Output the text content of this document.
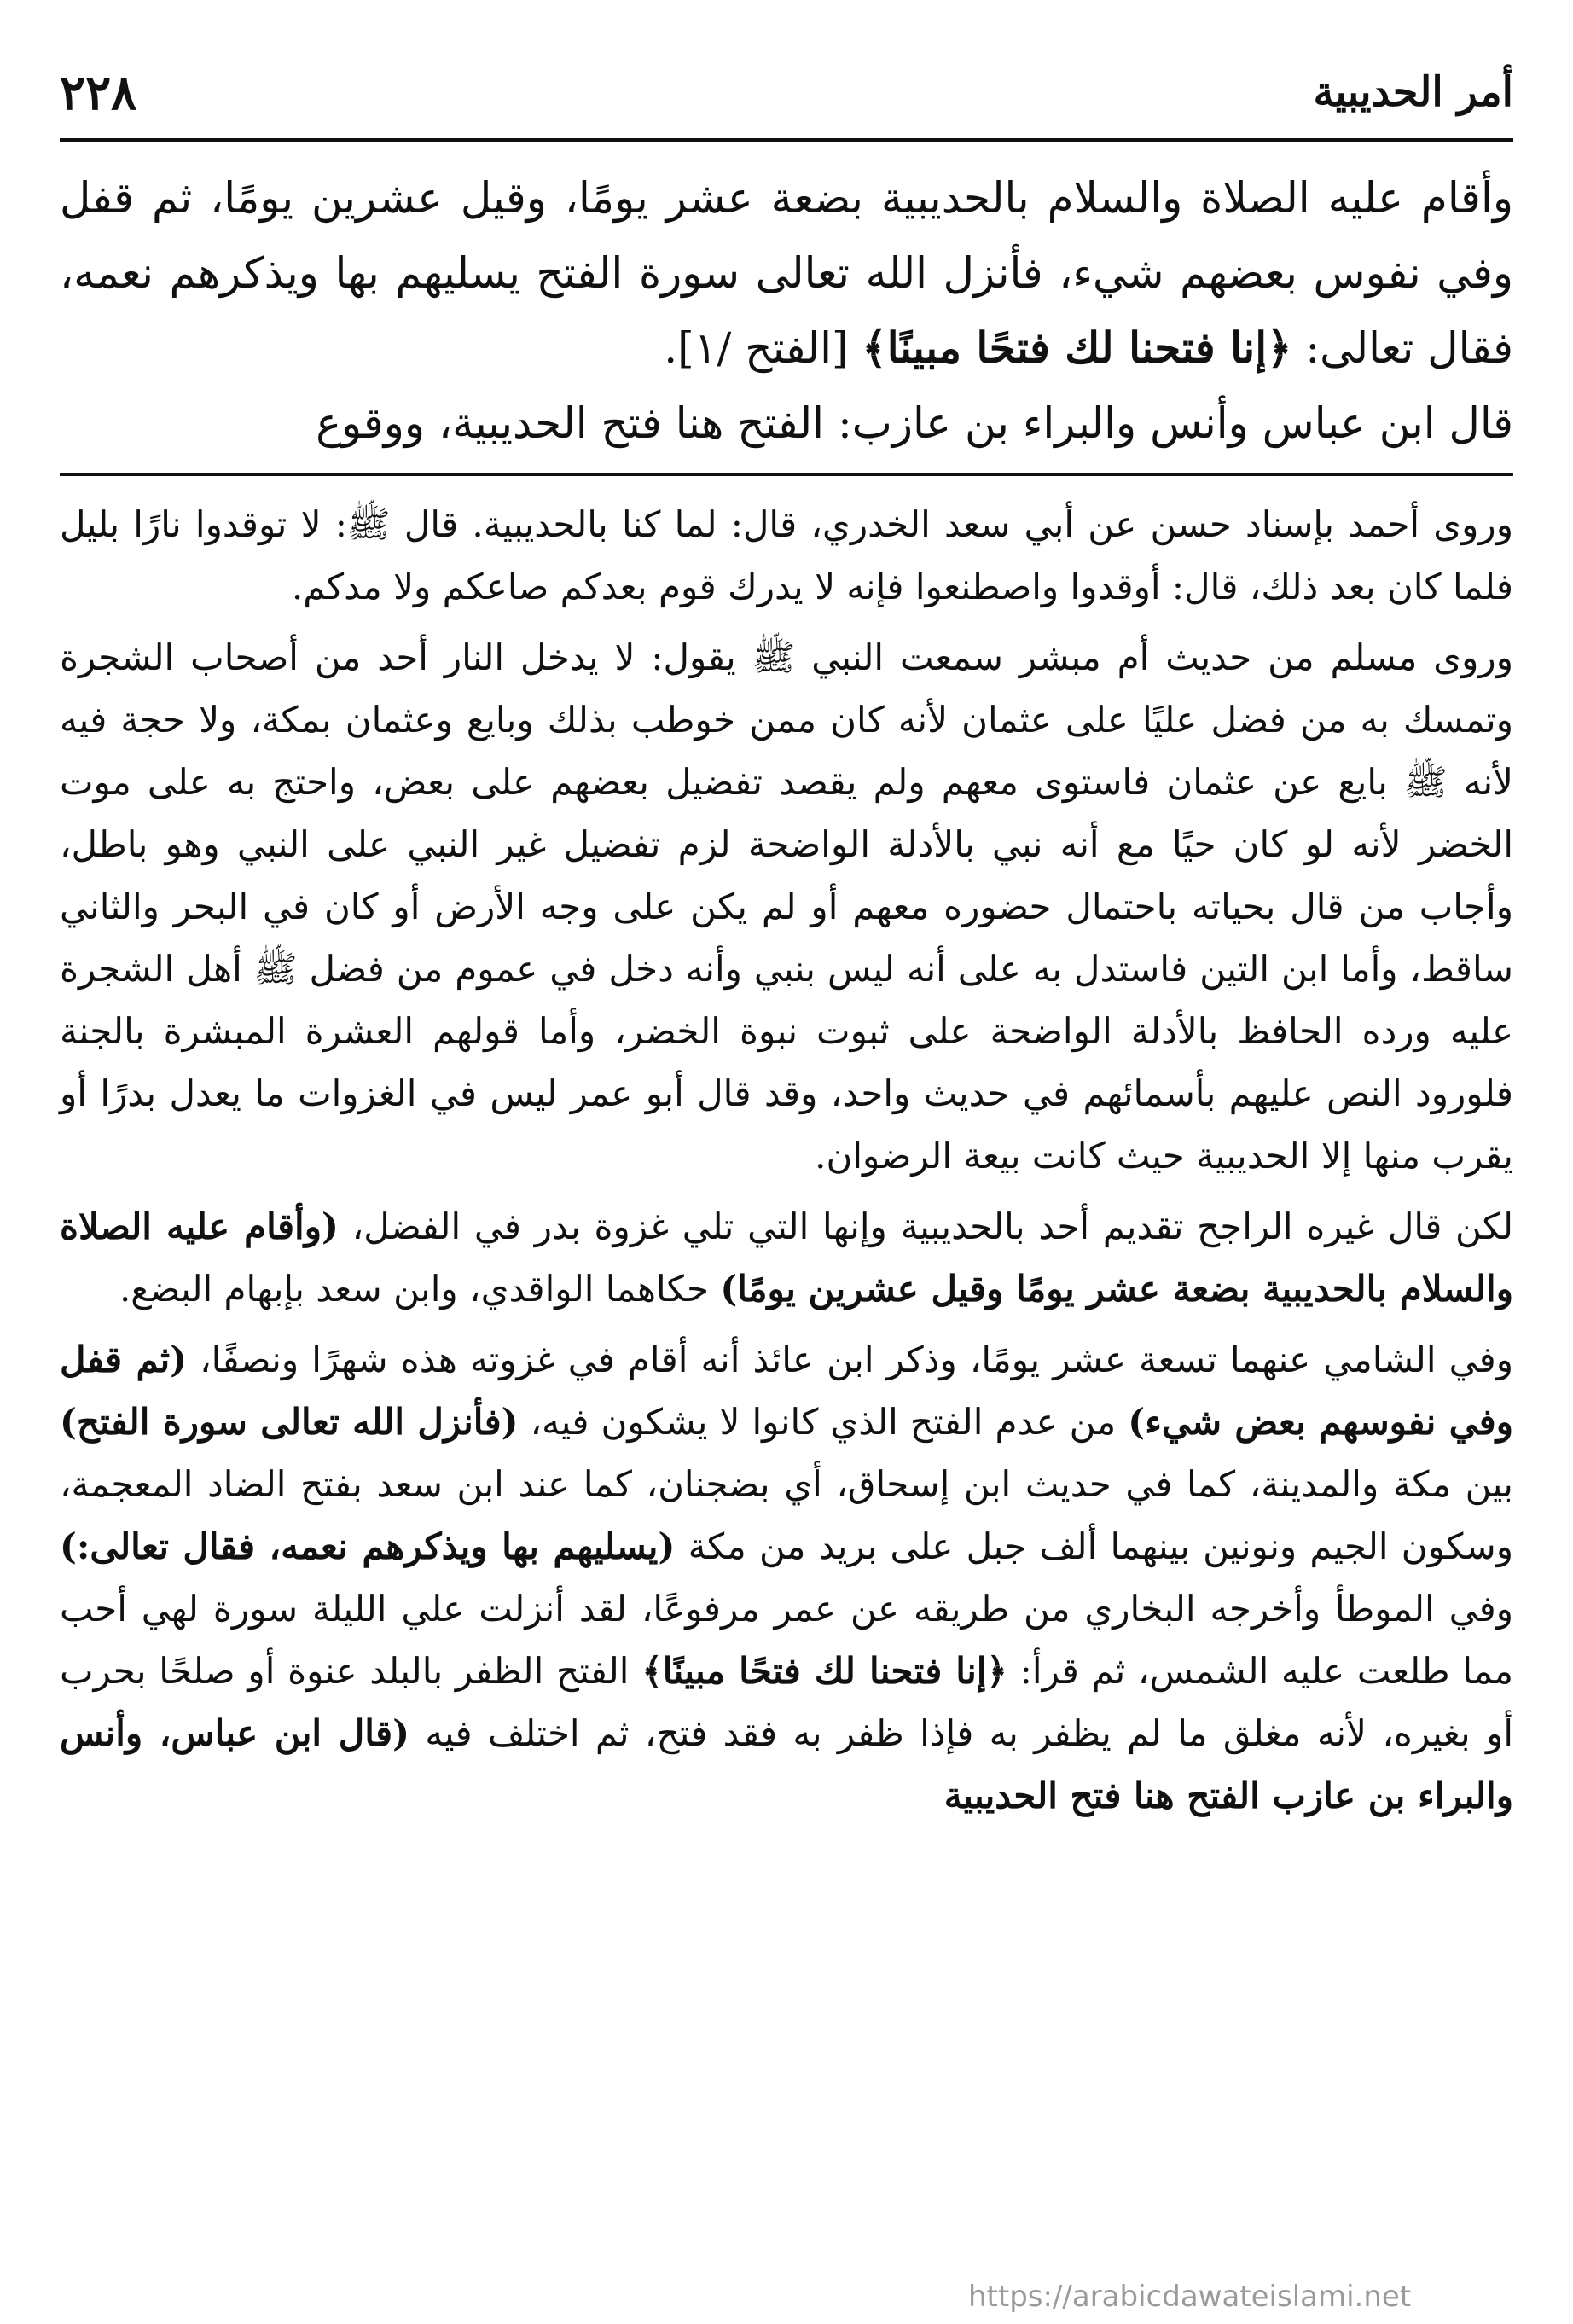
أمر الحديبية
٢٢٨

وأقام عليه الصلاة والسلام بالحديبية بضعة عشر يومًا، وقيل عشرين يومًا، ثم قفل وفي نفوس بعضهم شيء، فأنزل الله تعالى سورة الفتح يسليهم بها ويذكرهم نعمه، فقال تعالى: ﴿إنا فتحنا لك فتحًا مبينًا﴾ [الفتح /١].

قال ابن عباس وأنس والبراء بن عازب: الفتح هنا فتح الحديبية، ووقوع

وروى أحمد بإسناد حسن عن أبي سعد الخدري، قال: لما كنا بالحديبية. قال ﷺ: لا توقدوا نارًا بليل فلما كان بعد ذلك، قال: أوقدوا واصطنعوا فإنه لا يدرك قوم بعدكم صاعكم ولا مدكم.

وروى مسلم من حديث أم مبشر سمعت النبي ﷺ يقول: لا يدخل النار أحد من أصحاب الشجرة وتمسك به من فضل عليًا على عثمان لأنه كان ممن خوطب بذلك وبايع وعثمان بمكة، ولا حجة فيه لأنه ﷺ بايع عن عثمان فاستوى معهم ولم يقصد تفضيل بعضهم على بعض، واحتج به على موت الخضر لأنه لو كان حيًا مع أنه نبي بالأدلة الواضحة لزم تفضيل غير النبي على النبي وهو باطل، وأجاب من قال بحياته باحتمال حضوره معهم أو لم يكن على وجه الأرض أو كان في البحر والثاني ساقط، وأما ابن التين فاستدل به على أنه ليس بنبي وأنه دخل في عموم من فضل ﷺ أهل الشجرة عليه ورده الحافظ بالأدلة الواضحة على ثبوت نبوة الخضر، وأما قولهم العشرة المبشرة بالجنة فلورود النص عليهم بأسمائهم في حديث واحد، وقد قال أبو عمر ليس في الغزوات ما يعدل بدرًا أو يقرب منها إلا الحديبية حيث كانت بيعة الرضوان.

لكن قال غيره الراجح تقديم أحد بالحديبية وإنها التي تلي غزوة بدر في الفضل، (وأقام عليه الصلاة والسلام بالحديبية بضعة عشر يومًا وقيل عشرين يومًا) حكاهما الواقدي، وابن سعد بإبهام البضع.

وفي الشامي عنهما تسعة عشر يومًا، وذكر ابن عائذ أنه أقام في غزوته هذه شهرًا ونصفًا، (ثم قفل وفي نفوسهم بعض شيء) من عدم الفتح الذي كانوا لا يشكون فيه، (فأنزل الله تعالى سورة الفتح) بين مكة والمدينة، كما في حديث ابن إسحاق، أي بضجنان، كما عند ابن سعد بفتح الضاد المعجمة، وسكون الجيم ونونين بينهما ألف جبل على بريد من مكة (يسليهم بها ويذكرهم نعمه، فقال تعالى:) وفي الموطأ وأخرجه البخاري من طريقه عن عمر مرفوعًا، لقد أنزلت علي الليلة سورة لهي أحب مما طلعت عليه الشمس، ثم قرأ: ﴿إنا فتحنا لك فتحًا مبينًا﴾ الفتح الظفر بالبلد عنوة أو صلحًا بحرب أو بغيره، لأنه مغلق ما لم يظفر به فإذا ظفر به فقد فتح، ثم اختلف فيه (قال ابن عباس، وأنس والبراء بن عازب الفتح هنا فتح الحديبية

https://arabicdawateislami.net
